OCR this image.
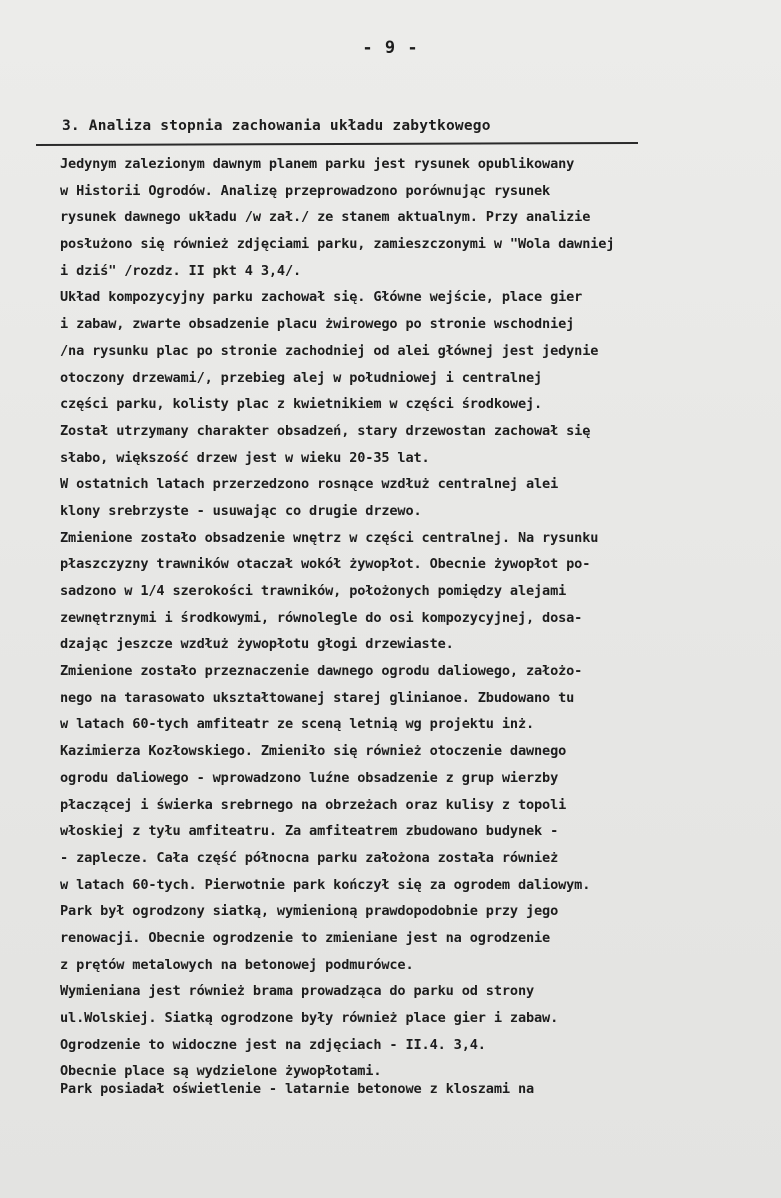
- 9 -
3. Analiza stopnia zachowania układu zabytkowego
Jedynym zalezionym dawnym planem parku jest rysunek opublikowany
w Historii Ogrodów. Analizę przeprowadzono porównując rysunek
rysunek dawnego układu /w zał./ ze stanem aktualnym. Przy analizie
posłużono się również zdjęciami parku, zamieszczonymi w "Wola dawniej
i dziś" /rozdz. II pkt 4 3,4/.
Układ kompozycyjny parku zachował się. Główne wejście, place gier
i zabaw, zwarte obsadzenie placu żwirowego po stronie wschodniej
/na rysunku plac po stronie zachodniej od alei głównej jest jedynie
otoczony drzewami/, przebieg alej w południowej i centralnej
części parku, kolisty plac z kwietnikiem w części środkowej.
Został utrzymany charakter obsadzeń, stary drzewostan zachował się
słabo, większość drzew jest w wieku 20-35 lat.
W ostatnich latach przerzedzono rosnące wzdłuż centralnej alei
klony srebrzyste - usuwając co drugie drzewo.
Zmienione zostało obsadzenie wnętrz w części centralnej. Na rysunku
płaszczyzny trawników otaczał wokół żywopłot. Obecnie żywopłot po-
sadzono w 1/4 szerokości trawników, położonych pomiędzy alejami
zewnętrznymi i środkowymi, równolegle do osi kompozycyjnej, dosa-
dzając jeszcze wzdłuż żywopłotu głogi drzewiaste.
Zmienione zostało przeznaczenie dawnego ogrodu daliowego, założo-
nego na tarasowato ukształtowanej starej glinianoe. Zbudowano tu
w latach 60-tych amfiteatr ze sceną letnią wg projektu inż.
Kazimierza Kozłowskiego. Zmieniło się również otoczenie dawnego
ogrodu daliowego - wprowadzono luźne obsadzenie z grup wierzby
płaczącej i świerka srebrnego na obrzeżach oraz kulisy z topoli
włoskiej z tyłu amfiteatru. Za amfiteatrem zbudowano budynek -
- zaplecze. Cała część północna parku założona została również
w latach 60-tych. Pierwotnie park kończył się za ogrodem daliowym.
Park był ogrodzony siatką, wymienioną prawdopodobnie przy jego
renowacji. Obecnie ogrodzenie to zmieniane jest na ogrodzenie
z prętów metalowych na betonowej podmurówce.
Wymieniana jest również brama prowadząca do parku od strony
ul.Wolskiej. Siatką ogrodzone były również place gier i zabaw.
Ogrodzenie to widoczne jest na zdjęciach - II.4. 3,4.
Obecnie place są wydzielone żywopłotami.
Park posiadał oświetlenie - latarnie betonowe z kloszami na
